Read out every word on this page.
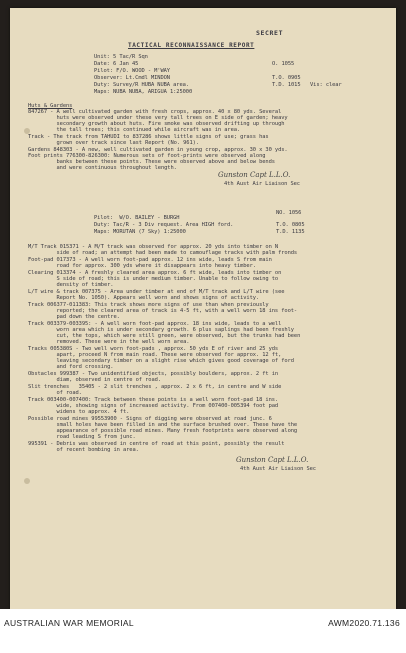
SECRET
TACTICAL RECONNAISSANCE REPORT
Unit: 5 Tac/R Sqn
Date: 6 Jan 45
Pilot: F/O. WOOD - M'WAY
Observer: Lt.Cmdl MINDON
Duty: Survey/R HUBA NUBA area.
Maps: NUBA NUBA, ARIGUA 1:25000
O. 1055
T.O. 0905
T.D. 1015   Vis: clear
Huts & Gardens
847267 - A well cultivated garden with fresh crops, approx. 40 x 80 yds. Several
huts were observed under these very tall trees on E side of garden; heavy
secondary growth about huts. Fire smoke was observed drifting up through
the tall trees; this continued while aircraft was in area.
Track - The track from TAHUDI to 837286 shows little signs of use; grass has
grown over track since last Report (No. 961).
Gardens 848303 - A new, well cultivated garden in young crop, approx. 30 x 30 yds.
Foot prints 776300-826300: Numerous sets of foot-prints were observed along
banks between these points. These were observed above and below bends
and were continuous throughout length.
Gunston Capt L.L.O.
4th Aust Air Liaison Sec
Pilot:  W/O. BAILEY - BURGH
Duty: Tac/R - 3 Div request. Area HIGH ford.
Maps: MORUTAN (7 Sky) 1:25000
NO. 1056
T.O. 0805
T.D. 1135
M/T Track 015371 - A M/T track was observed for approx. 20 yds into timber on N
side of road; an attempt had been made to camouflage tracks with palm fronds
Foot-pad 017373 - A well worn foot-pad approx. 12 ins wide, leads S from main
road for approx. 300 yds where it disappears into heavy timber.
Clearing 013374 - A freshly cleared area approx. 6 ft wide, leads into timber on
S side of road; this is under medium timber. Unable to follow owing to
density of timber.
L/T wire & track 007375 - Area under timber at end of M/T track and L/T wire (see
Report No. 1050). Appears well worn and shows signs of activity.
Track 006377-011383: This track shows more signs of use than when previously
reported; the cleared area of track is 4-5 ft, with a well worn 18 ins foot-
pad down the centre.
Track 003379-003395: - A well worn foot-pad approx. 18 ins wide, leads to a well
worn area which is under secondary growth. 6 plus saplings had been freshly
cut, the tops, which were still green, were observed, but the trunks had been
removed. These were in the well worn area.
Tracks 005380S - Two well worn foot-pads , approx. 50 yds E of river and 25 yds
apart, proceed N from main road. These were observed for approx. 12 ft,
leaving secondary timber on a slight rise which gives good coverage of ford
and ford crossing.
Obstacles 999387 - Two unidentified objects, possibly boulders, approx. 2 ft in
diam, observed in centre of road.
Slit trenches   35405 - 2 slit trenches , approx. 2 x 6 ft, in centre and W side
of road.
Track 003400-007400: Track between these points is a well worn foot-pad 18 ins.
wide, showing signs of increased activity. From 007400-005394 foot pad
widens to approx. 4 ft.
Possible road mines 99553900 - Signs of digging were observed at road junc. 6
small holes have been filled in and the surface brushed over. These have the
appearance of possible road mines. Many fresh footprints were observed along
road leading S from junc.
995391 - Debris was observed in centre of road at this point, possibly the result
of recent bombing in area.
Gunston Capt L.L.O.
4th Aust Air Liaison Sec
AUSTRALIAN WAR MEMORIAL	AWM2020.71.136
